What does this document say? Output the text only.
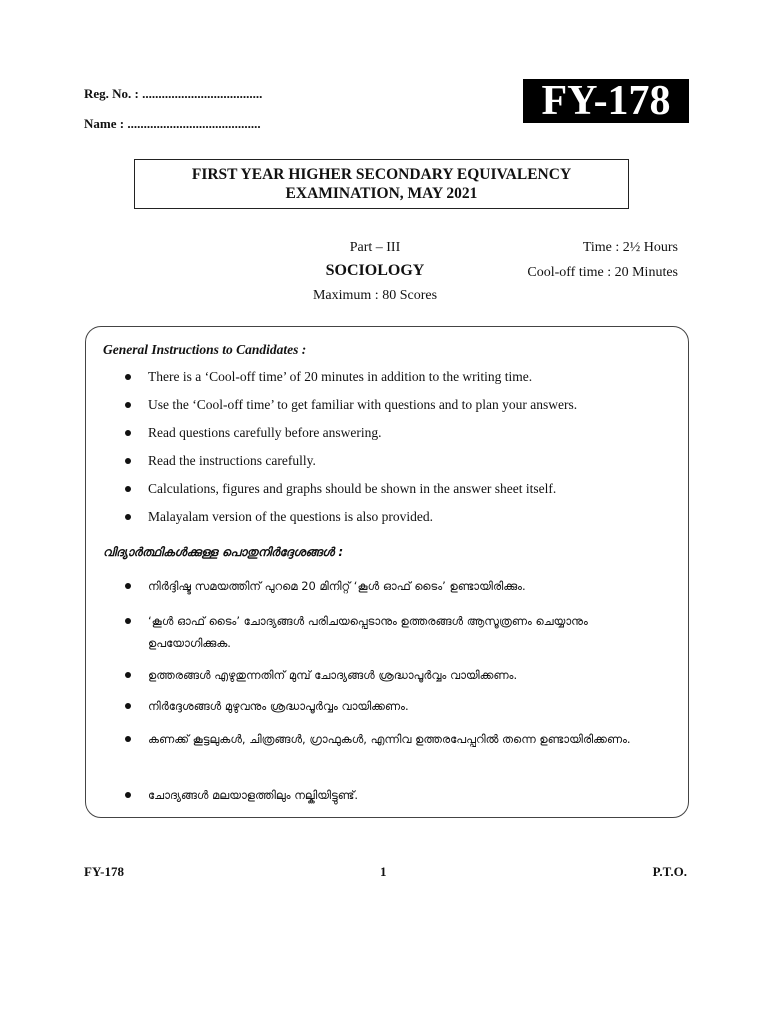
Reg. No. : .....................................
Name : .........................................	FY-178
FIRST YEAR HIGHER SECONDARY EQUIVALENCY
EXAMINATION, MAY 2021
Part – III
SOCIOLOGY
Maximum : 80 Scores
Time : 2½ Hours
Cool-off time : 20 Minutes
General Instructions to Candidates :
There is a ‘Cool-off time’ of 20 minutes in addition to the writing time.
Use the ‘Cool-off time’ to get familiar with questions and to plan your answers.
Read questions carefully before answering.
Read the instructions carefully.
Calculations, figures and graphs should be shown in the answer sheet itself.
Malayalam version of the questions is also provided.
വിദ്യാർത്ഥികൾക്കുള്ള പൊതുനിർദ്ദേശങ്ങൾ :
നിർദ്ദിഷ്ട സമയത്തിന് പുറമെ 20 മിനിറ്റ് ‘കൂൾ ഓഫ് ടൈം’ ഉണ്ടായിരിക്കും.
‘കൂൾ ഓഫ് ടൈം’ ചോദ്യങ്ങൾ പരിചയപ്പെടാനും ഉത്തരങ്ങൾ ആസൂത്രണം ചെയ്യാനും ഉപയോഗിക്കുക.
ഉത്തരങ്ങൾ എഴുതുന്നതിന് മുമ്പ് ചോദ്യങ്ങൾ ശ്രദ്ധാപൂർവ്വം വായിക്കണം.
നിർദ്ദേശങ്ങൾ മുഴുവനും ശ്രദ്ധാപൂർവ്വം വായിക്കണം.
കണക്ക് കൂട്ടലുകൾ, ചിത്രങ്ങൾ, ഗ്രാഫുകൾ, എന്നിവ ഉത്തരപേപ്പറിൽ തന്നെ ഉണ്ടായിരിക്കണം.
ചോദ്യങ്ങൾ മലയാളത്തിലും നല്കിയിട്ടുണ്ട്.
FY-178	1	P.T.O.
